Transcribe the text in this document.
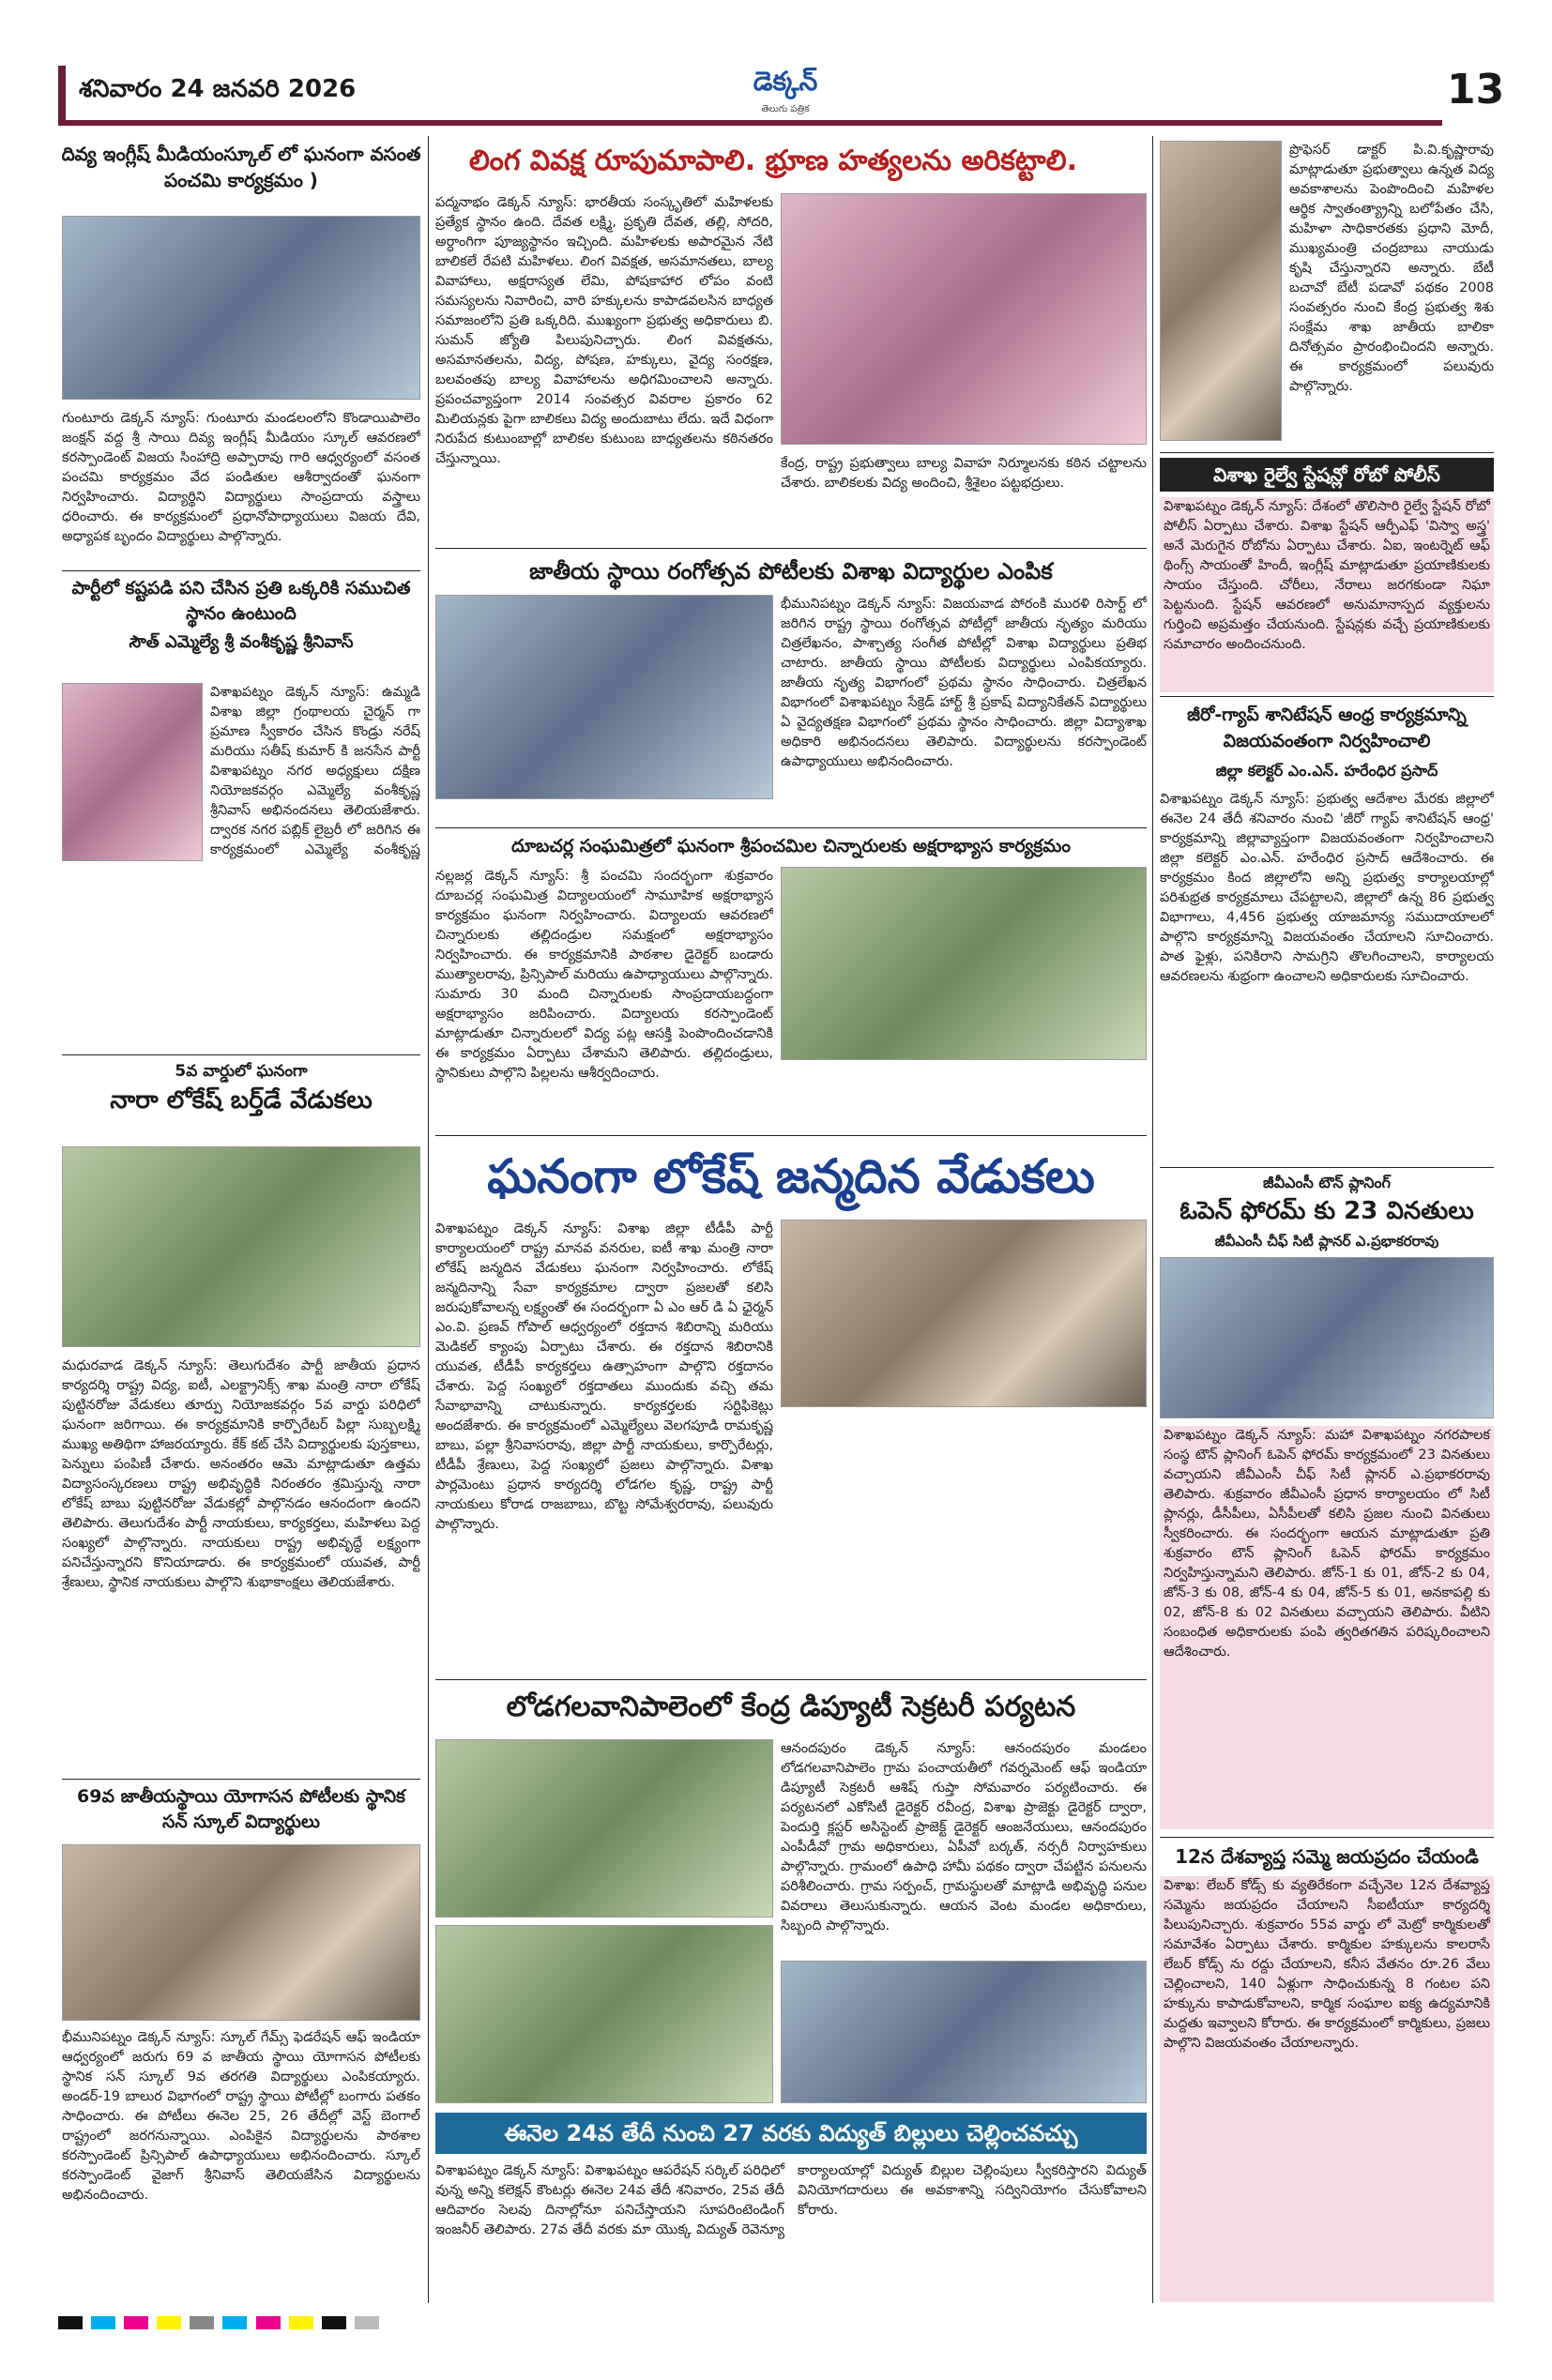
శనివారం 24 జనవరి 2026	డెక్కన్
తెలుగు పత్రిక	13
దివ్య ఇంగ్లీష్ మీడియంస్కూల్ లో ఘనంగా వసంత పంచమి కార్యక్రమం )
గుంటూరు డెక్కన్ న్యూస్: గుంటూరు మండలంలోని కొండాయిపాలెం జంక్షన్ వద్ద శ్రీ సాయి దివ్య ఇంగ్లీష్ మీడియం స్కూల్ ఆవరణలో కరస్పాండెంట్ విజయ సింహాద్రి అప్పారావు గారి ఆధ్వర్యంలో వసంత పంచమి కార్యక్రమం వేద పండితుల ఆశీర్వాదంతో ఘనంగా నిర్వహించారు. విద్యార్థిని విద్యార్థులు సాంప్రదాయ వస్త్రాలు ధరించారు. ఈ కార్యక్రమంలో ప్రధానోపాధ్యాయులు విజయ దేవి, అధ్యాపక బృందం విద్యార్థులు పాల్గొన్నారు.
పార్టీలో కష్టపడి పని చేసిన ప్రతి ఒక్కరికి సముచిత స్థానం ఉంటుంది
సౌత్ ఎమ్మెల్యే శ్రీ వంశీకృష్ణ శ్రీనివాస్
విశాఖపట్నం డెక్కన్ న్యూస్: ఉమ్మడి విశాఖ జిల్లా గ్రంథాలయ చైర్మన్ గా ప్రమాణ స్వీకారం చేసిన కొండ్రు నరేష్ మరియు సతీష్ కుమార్ కి జనసేన పార్టీ విశాఖపట్నం నగర అధ్యక్షులు దక్షిణ నియోజకవర్గం ఎమ్మెల్యే వంశీకృష్ణ శ్రీనివాస్ అభినందనలు తెలియజేశారు. ద్వారక నగర పబ్లిక్ లైబ్రరీ లో జరిగిన ఈ కార్యక్రమంలో ఎమ్మెల్యే వంశీకృష్ణ
5వ వార్డులో ఘనంగా
నారా లోకేష్ బర్త్‌డే వేడుకలు
మధురవాడ డెక్కన్ న్యూస్: తెలుగుదేశం పార్టీ జాతీయ ప్రధాన కార్యదర్శి రాష్ట్ర విద్య, ఐటీ, ఎలక్ట్రానిక్స్ శాఖ మంత్రి నారా లోకేష్ పుట్టినరోజు వేడుకలు తూర్పు నియోజకవర్గం 5వ వార్డు పరిధిలో ఘనంగా జరిగాయి. ఈ కార్యక్రమానికి కార్పొరేటర్ పిల్లా సుబ్బలక్ష్మి ముఖ్య అతిథిగా హాజరయ్యారు. కేక్ కట్ చేసి విద్యార్థులకు పుస్తకాలు, పెన్నులు పంపిణీ చేశారు. అనంతరం ఆమె మాట్లాడుతూ ఉత్తమ విద్యాసంస్కరణలు రాష్ట్ర అభివృద్ధికి నిరంతరం శ్రమిస్తున్న నారా లోకేష్ బాబు పుట్టినరోజు వేడుకల్లో పాల్గొనడం ఆనందంగా ఉందని తెలిపారు. తెలుగుదేశం పార్టీ నాయకులు, కార్యకర్తలు, మహిళలు పెద్ద సంఖ్యలో పాల్గొన్నారు. నాయకులు రాష్ట్ర అభివృద్ధే లక్ష్యంగా పనిచేస్తున్నారని కొనియాడారు. ఈ కార్యక్రమంలో యువత, పార్టీ శ్రేణులు, స్థానిక నాయకులు పాల్గొని శుభాకాంక్షలు తెలియజేశారు.
69వ జాతీయస్థాయి యోగాసన పోటీలకు స్థానిక సన్ స్కూల్ విద్యార్థులు
భీమునిపట్నం డెక్కన్ న్యూస్: స్కూల్ గేమ్స్ ఫెడరేషన్ ఆఫ్ ఇండియా ఆధ్వర్యంలో జరుగు 69 వ జాతీయ స్థాయి యోగాసన పోటీలకు స్థానిక సన్ స్కూల్ 9వ తరగతి విద్యార్థులు ఎంపికయ్యారు. అండర్-19 బాలుర విభాగంలో రాష్ట్ర స్థాయి పోటీల్లో బంగారు పతకం సాధించారు. ఈ పోటీలు ఈనెల 25, 26 తేదీల్లో వెస్ట్ బెంగాల్ రాష్ట్రంలో జరగనున్నాయి. ఎంపికైన విద్యార్థులను పాఠశాల కరస్పాండెంట్ ప్రిన్సిపాల్ ఉపాధ్యాయులు అభినందించారు. స్కూల్ కరస్పాండెంట్ వైజాగ్ శ్రీనివాస్ తెలియజేసిన విద్యార్థులను అభినందించారు.
లింగ వివక్ష రూపుమాపాలి. భ్రూణ హత్యలను అరికట్టాలి.
పద్మనాభం డెక్కన్ న్యూస్: భారతీయ సంస్కృతిలో మహిళలకు ప్రత్యేక స్థానం ఉంది. దేవత లక్ష్మి, ప్రకృతి దేవత, తల్లి, సోదరి, అర్ధాంగిగా పూజ్యస్థానం ఇచ్చింది. మహిళలకు అపారమైన నేటి బాలికలే రేపటి మహిళలు. లింగ వివక్షత, అసమానతలు, బాల్య వివాహాలు, అక్షరాస్యత లేమి, పోషకాహార లోపం వంటి సమస్యలను నివారించి, వారి హక్కులను కాపాడవలసిన బాధ్యత సమాజంలోని ప్రతి ఒక్కరిది. ముఖ్యంగా ప్రభుత్వ అధికారులు బి. సుమన్ జ్యోతి పిలుపునిచ్చారు. లింగ వివక్షతను, అసమానతలను, విద్య, పోషణ, హక్కులు, వైద్య సంరక్షణ, బలవంతపు బాల్య వివాహాలను అధిగమించాలని అన్నారు. ప్రపంచవ్యాప్తంగా 2014 సంవత్సర వివరాల ప్రకారం 62 మిలియన్లకు పైగా బాలికలు విద్య అందుబాటు లేదు. ఇదే విధంగా నిరుపేద కుటుంబాల్లో బాలికల కుటుంబ బాధ్యతలను కఠినతరం చేస్తున్నాయి.	కేంద్ర, రాష్ట్ర ప్రభుత్వాలు బాల్య వివాహ నిర్మూలనకు కఠిన చట్టాలను చేశారు. బాలికలకు విద్య అందించి, శ్రీశైలం పట్టభద్రులు.
జాతీయ స్థాయి రంగోత్సవ పోటీలకు విశాఖ విద్యార్థుల ఎంపిక
భీమునిపట్నం డెక్కన్ న్యూస్: విజయవాడ పోరంకి మురళి రిసార్ట్ లో జరిగిన రాష్ట్ర స్థాయి రంగోత్సవ పోటీల్లో జాతీయ నృత్యం మరియు చిత్రలేఖనం, పాశ్చాత్య సంగీత పోటీల్లో విశాఖ విద్యార్థులు ప్రతిభ చాటారు. జాతీయ స్థాయి పోటీలకు విద్యార్థులు ఎంపికయ్యారు. జాతీయ నృత్య విభాగంలో ప్రథమ స్థానం సాధించారు. చిత్రలేఖన విభాగంలో విశాఖపట్నం సేక్రెడ్ హార్ట్ శ్రీ ప్రకాష్ విద్యానికేతన్ విద్యార్థులు ఏ వైద్యతక్షణ విభాగంలో ప్రథమ స్థానం సాధించారు. జిల్లా విద్యాశాఖ అధికారి అభినందనలు తెలిపారు. విద్యార్థులను కరస్పాండెంట్ ఉపాధ్యాయులు అభినందించారు.
దూబచర్ల సంఘమిత్రలో ఘనంగా శ్రీపంచమిల చిన్నారులకు అక్షరాభ్యాస కార్యక్రమం
నల్లజర్ల డెక్కన్ న్యూస్: శ్రీ పంచమి సందర్భంగా శుక్రవారం దూబచర్ల సంఘమిత్ర విద్యాలయంలో సామూహిక అక్షరాభ్యాస కార్యక్రమం ఘనంగా నిర్వహించారు. విద్యాలయ ఆవరణలో చిన్నారులకు తల్లిదండ్రుల సమక్షంలో అక్షరాభ్యాసం నిర్వహించారు. ఈ కార్యక్రమానికి పాఠశాల డైరెక్టర్ బండారు ముత్యాలరావు, ప్రిన్సిపాల్ మరియు ఉపాధ్యాయులు పాల్గొన్నారు. సుమారు 30 మంది చిన్నారులకు సాంప్రదాయబద్ధంగా అక్షరాభ్యాసం జరిపించారు. విద్యాలయ కరస్పాండెంట్ మాట్లాడుతూ చిన్నారులలో విద్య పట్ల ఆసక్తి పెంపొందించడానికి ఈ కార్యక్రమం ఏర్పాటు చేశామని తెలిపారు. తల్లిదండ్రులు, స్థానికులు పాల్గొని పిల్లలను ఆశీర్వదించారు.
ఘనంగా లోకేష్ జన్మదిన వేడుకలు
విశాఖపట్నం డెక్కన్ న్యూస్: విశాఖ జిల్లా టీడీపీ పార్టీ కార్యాలయంలో రాష్ట్ర మానవ వనరుల, ఐటీ శాఖ మంత్రి నారా లోకేష్ జన్మదిన వేడుకలు ఘనంగా నిర్వహించారు. లోకేష్ జన్మదినాన్ని సేవా కార్యక్రమాల ద్వారా ప్రజలతో కలిసి జరుపుకోవాలన్న లక్ష్యంతో ఈ సందర్భంగా ఏ ఎం ఆర్ డి ఏ ఛైర్మన్ ఎం.వి. ప్రణవ్ గోపాల్ ఆధ్వర్యంలో రక్తదాన శిబిరాన్ని మరియు మెడికల్ క్యాంపు ఏర్పాటు చేశారు. ఈ రక్తదాన శిబిరానికి యువత, టీడీపీ కార్యకర్తలు ఉత్సాహంగా పాల్గొని రక్తదానం చేశారు. పెద్ద సంఖ్యలో రక్తదాతలు ముందుకు వచ్చి తమ సేవాభావాన్ని చాటుకున్నారు. కార్యకర్తలకు సర్టిఫికెట్లు అందజేశారు. ఈ కార్యక్రమంలో ఎమ్మెల్యేలు వెలగపూడి రామకృష్ణ బాబు, పల్లా శ్రీనివాసరావు, జిల్లా పార్టీ నాయకులు, కార్పొరేటర్లు, టీడీపీ శ్రేణులు, పెద్ద సంఖ్యలో ప్రజలు పాల్గొన్నారు. విశాఖ పార్లమెంటు ప్రధాన కార్యదర్శి లోడగల కృష్ణ, రాష్ట్ర పార్టీ నాయకులు కోరాడ రాజబాబు, బొట్ట సోమేశ్వరరావు, పలువురు పాల్గొన్నారు.
లోడగలవానిపాలెంలో కేంద్ర డిప్యూటీ సెక్రటరీ పర్యటన
ఆనందపురం డెక్కన్ న్యూస్: ఆనందపురం మండలం లోడగలవానిపాలెం గ్రామ పంచాయతీలో గవర్నమెంట్ ఆఫ్ ఇండియా డిప్యూటీ సెక్రటరీ ఆశిష్ గుప్తా సోమవారం పర్యటించారు. ఈ పర్యటనలో ఎకోసిటీ డైరెక్టర్ రవీంద్ర, విశాఖ ప్రాజెక్టు డైరెక్టర్ ద్వారా, పెందుర్తి క్లస్టర్ అసిస్టెంట్ ప్రాజెక్ట్ డైరెక్టర్ ఆంజనేయులు, ఆనందపురం ఎంపీడీవో గ్రామ అధికారులు, ఏపీవో బర్కత్, నర్సరీ నిర్వాహకులు పాల్గొన్నారు. గ్రామంలో ఉపాధి హామీ పథకం ద్వారా చేపట్టిన పనులను పరిశీలించారు. గ్రామ సర్పంచ్, గ్రామస్థులతో మాట్లాడి అభివృద్ధి పనుల వివరాలు తెలుసుకున్నారు. ఆయన వెంట మండల అధికారులు, సిబ్బంది పాల్గొన్నారు.
ఈనెల 24వ తేదీ నుంచి 27 వరకు విద్యుత్ బిల్లులు చెల్లించవచ్చు
విశాఖపట్నం డెక్కన్ న్యూస్: విశాఖపట్నం ఆపరేషన్ సర్కిల్ పరిధిలో వున్న అన్ని కలెక్షన్ కౌంటర్లు ఈనెల 24వ తేదీ శనివారం, 25వ తేదీ ఆదివారం సెలవు దినాల్లోనూ పనిచేస్తాయని సూపరింటెండింగ్ ఇంజనీర్ తెలిపారు. 27వ తేదీ వరకు మా యొక్క విద్యుత్ రెవెన్యూ కార్యాలయాల్లో విద్యుత్ బిల్లుల చెల్లింపులు స్వీకరిస్తారని విద్యుత్ వినియోగదారులు ఈ అవకాశాన్ని సద్వినియోగం చేసుకోవాలని కోరారు.
ప్రొఫెసర్ డాక్టర్ పి.వి.కృష్ణారావు మాట్లాడుతూ ప్రభుత్వాలు ఉన్నత విద్య అవకాశాలను పెంపొందించి మహిళల ఆర్థిక స్వాతంత్య్రాన్ని బలోపేతం చేసి, మహిళా సాధికారతకు ప్రధాని మోదీ, ముఖ్యమంత్రి చంద్రబాబు నాయుడు కృషి చేస్తున్నారని అన్నారు. బేటీ బచావో బేటీ పడావో పథకం 2008 సంవత్సరం నుంచి కేంద్ర ప్రభుత్వ శిశు సంక్షేమ శాఖ జాతీయ బాలికా దినోత్సవం ప్రారంభించిందని అన్నారు. ఈ కార్యక్రమంలో పలువురు పాల్గొన్నారు.
విశాఖ రైల్వే స్టేషన్లో రోబో పోలీస్
విశాఖపట్నం డెక్కన్ న్యూస్: దేశంలో తొలిసారి రైల్వే స్టేషన్ రోబో పోలీస్ ఏర్పాటు చేశారు. విశాఖ స్టేషన్ ఆర్పీఎఫ్ 'విస్వా అస్త్ర' అనే మెరుగైన రోబోను ఏర్పాటు చేశారు. ఏఐ, ఇంటర్నెట్ ఆఫ్ థింగ్స్ సాయంతో హిందీ, ఇంగ్లీష్ మాట్లాడుతూ ప్రయాణికులకు సాయం చేస్తుంది. చోరీలు, నేరాలు జరగకుండా నిఘా పెట్టనుంది. స్టేషన్ ఆవరణలో అనుమానాస్పద వ్యక్తులను గుర్తించి అప్రమత్తం చేయనుంది. స్టేషన్లకు వచ్చే ప్రయాణికులకు సమాచారం అందించనుంది.
జీరో-గ్యాప్ శానిటేషన్ ఆంధ్ర కార్యక్రమాన్ని విజయవంతంగా నిర్వహించాలి
జిల్లా కలెక్టర్ ఎం.ఎన్. హరేంధిర ప్రసాద్
విశాఖపట్నం డెక్కన్ న్యూస్: ప్రభుత్వ ఆదేశాల మేరకు జిల్లాలో ఈనెల 24 తేదీ శనివారం నుంచి 'జీరో గ్యాప్ శానిటేషన్ ఆంధ్ర' కార్యక్రమాన్ని జిల్లావ్యాప్తంగా విజయవంతంగా నిర్వహించాలని జిల్లా కలెక్టర్ ఎం.ఎన్. హరేంధిర ప్రసాద్ ఆదేశించారు. ఈ కార్యక్రమం కింద జిల్లాలోని అన్ని ప్రభుత్వ కార్యాలయాల్లో పరిశుభ్రత కార్యక్రమాలు చేపట్టాలని, జిల్లాలో ఉన్న 86 ప్రభుత్వ విభాగాలు, 4,456 ప్రభుత్వ యాజమాన్య సముదాయాలలో పాల్గొని కార్యక్రమాన్ని విజయవంతం చేయాలని సూచించారు. పాత ఫైళ్లు, పనికిరాని సామగ్రిని తొలగించాలని, కార్యాలయ ఆవరణలను శుభ్రంగా ఉంచాలని అధికారులకు సూచించారు.
జీవీఎంసీ టౌన్ ప్లానింగ్
ఓపెన్ ఫోరమ్ కు 23 వినతులు
జీవీఎంసీ చీఫ్ సిటీ ప్లానర్ ఎ.ప్రభాకరరావు
విశాఖపట్నం డెక్కన్ న్యూస్: మహా విశాఖపట్నం నగరపాలక సంస్థ టౌన్ ప్లానింగ్ ఓపెన్ ఫోరమ్ కార్యక్రమంలో 23 వినతులు వచ్చాయని జీవీఎంసీ చీఫ్ సిటీ ప్లానర్ ఎ.ప్రభాకరరావు తెలిపారు. శుక్రవారం జీవీఎంసీ ప్రధాన కార్యాలయం లో సిటీ ప్లానర్లు, డీసీపీలు, ఏసీపీలతో కలిసి ప్రజల నుంచి వినతులు స్వీకరించారు. ఈ సందర్భంగా ఆయన మాట్లాడుతూ ప్రతి శుక్రవారం టౌన్ ప్లానింగ్ ఓపెన్ ఫోరమ్ కార్యక్రమం నిర్వహిస్తున్నామని తెలిపారు. జోన్-1 కు 01, జోన్-2 కు 04, జోన్-3 కు 08, జోన్-4 కు 04, జోన్-5 కు 01, అనకాపల్లి కు 02, జోన్-8 కు 02 వినతులు వచ్చాయని తెలిపారు. వీటిని సంబంధిత అధికారులకు పంపి త్వరితగతిన పరిష్కరించాలని ఆదేశించారు.
12న దేశవ్యాప్త సమ్మె జయప్రదం చేయండి
విశాఖ: లేబర్ కోడ్స్ కు వ్యతిరేకంగా వచ్చేనెల 12న దేశవ్యాప్త సమ్మెను జయప్రదం చేయాలని సీఐటీయూ కార్యదర్శి పిలుపునిచ్చారు. శుక్రవారం 55వ వార్డు లో మెట్రో కార్మికులతో సమావేశం ఏర్పాటు చేశారు. కార్మికుల హక్కులను కాలరాసే లేబర్ కోడ్స్ ను రద్దు చేయాలని, కనీస వేతనం రూ.26 వేలు చెల్లించాలని, 140 ఏళ్లుగా సాధించుకున్న 8 గంటల పని హక్కును కాపాడుకోవాలని, కార్మిక సంఘాల ఐక్య ఉద్యమానికి మద్దతు ఇవ్వాలని కోరారు. ఈ కార్యక్రమంలో కార్మికులు, ప్రజలు పాల్గొని విజయవంతం చేయాలన్నారు.
